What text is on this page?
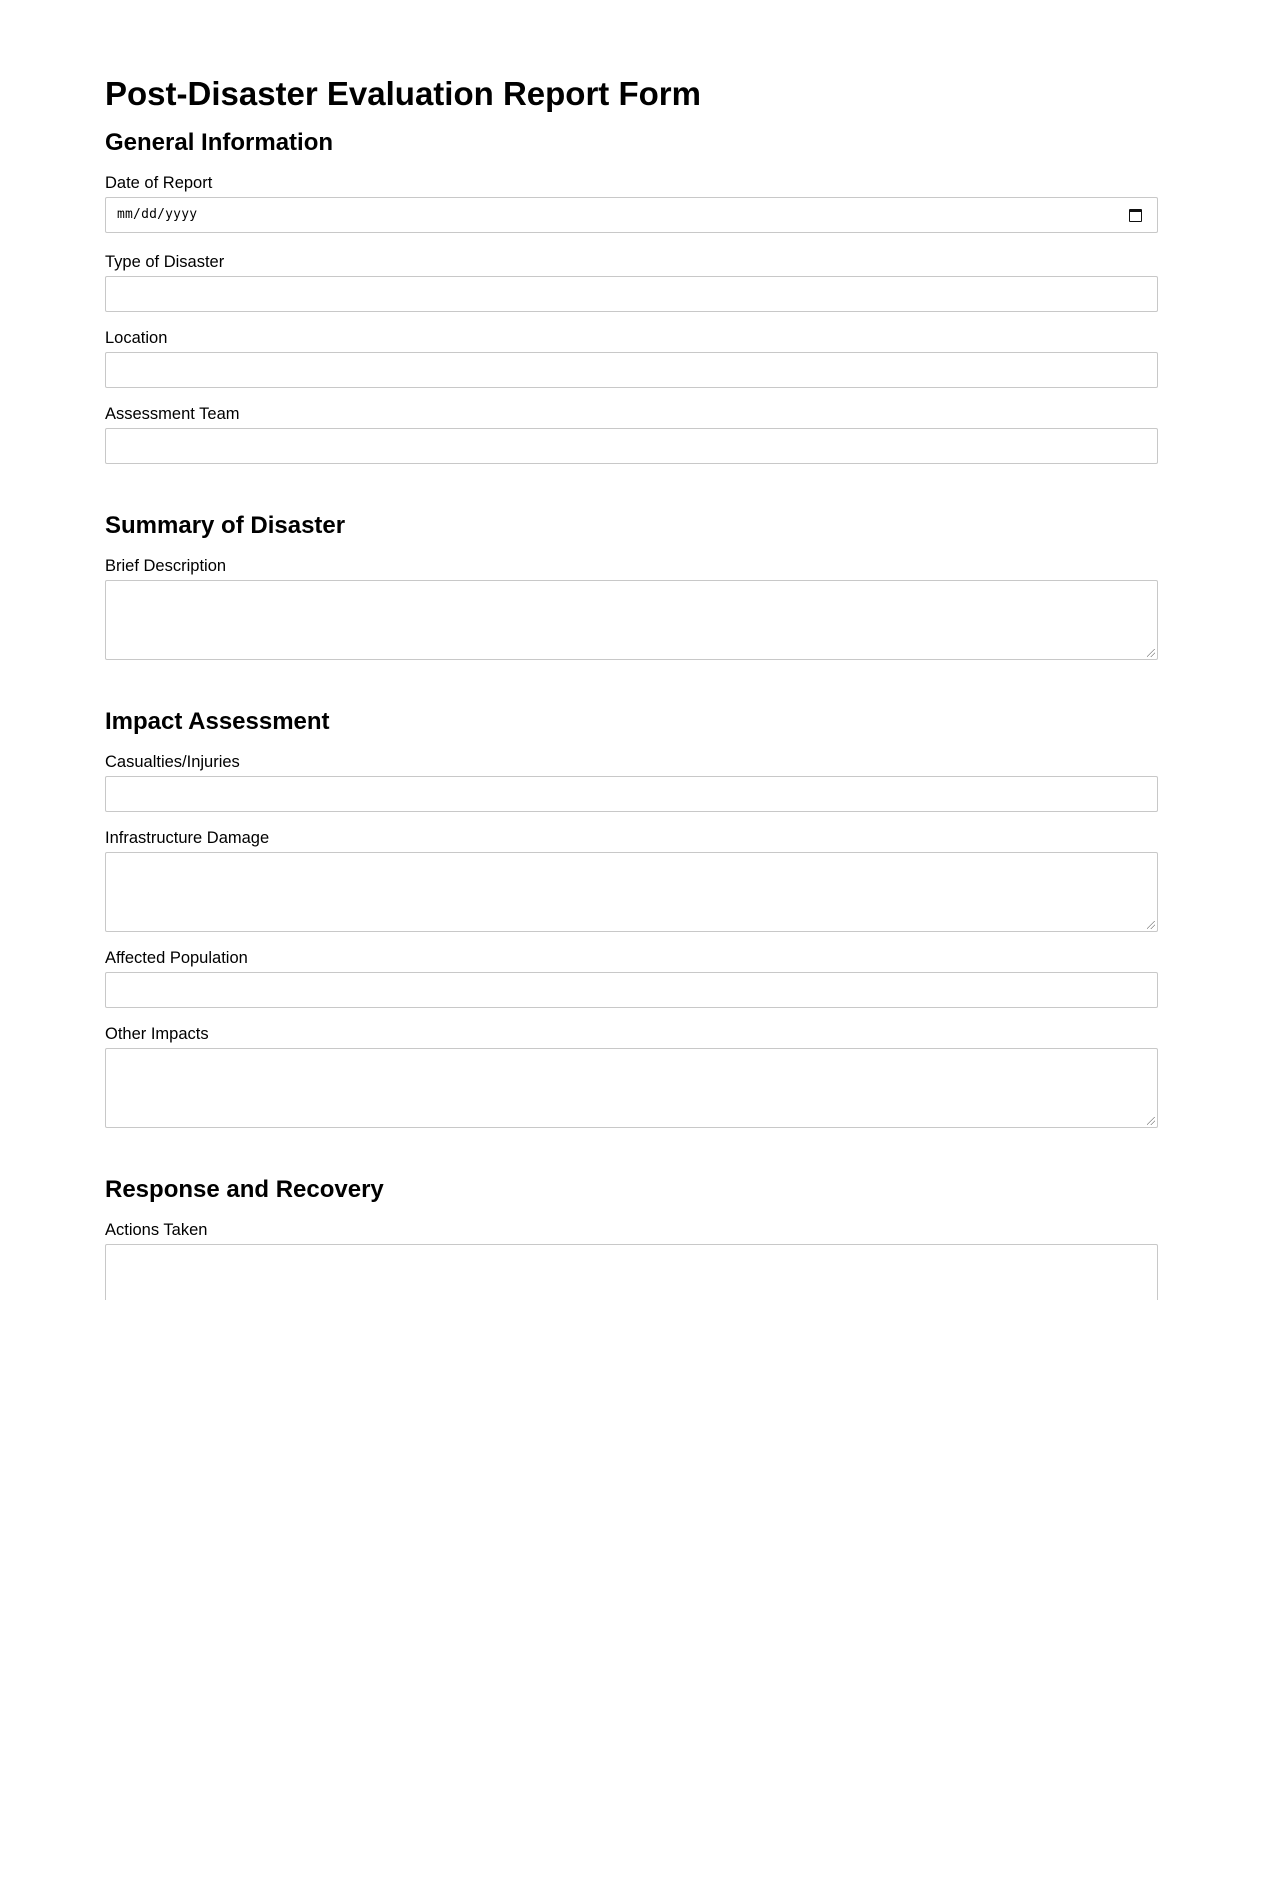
Post-Disaster Evaluation Report Form
General Information
Date of Report
mm/dd/yyyy
Type of Disaster
Location
Assessment Team
Summary of Disaster
Brief Description
Impact Assessment
Casualties/Injuries
Infrastructure Damage
Affected Population
Other Impacts
Response and Recovery
Actions Taken
